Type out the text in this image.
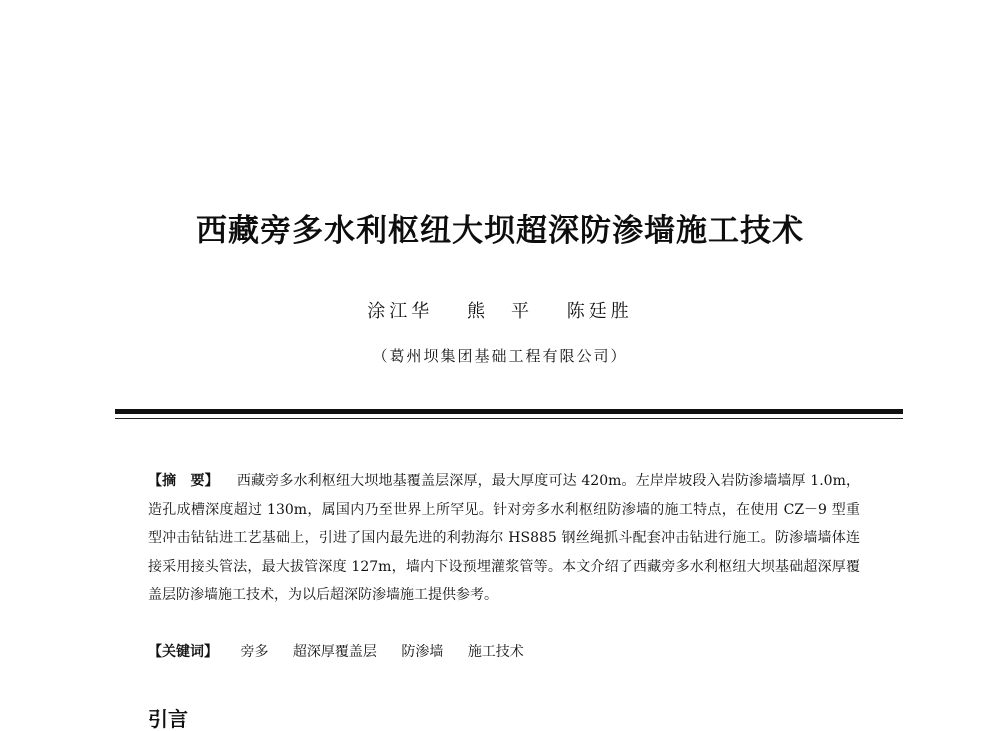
西藏旁多水利枢纽大坝超深防渗墙施工技术
涂江华 熊　平 陈廷胜
（葛州坝集团基础工程有限公司）
【摘　要】 西藏旁多水利枢纽大坝地基覆盖层深厚，最大厚度可达 420m。左岸岸坡段入岩防渗墙墙厚 1.0m，造孔成槽深度超过 130m，属国内乃至世界上所罕见。针对旁多水利枢纽防渗墙的施工特点，在使用 CZ－9 型重型冲击钻钻进工艺基础上，引进了国内最先进的利勃海尔 HS885 钢丝绳抓斗配套冲击钻进行施工。防渗墙墙体连接采用接头管法，最大拔管深度 127m，墙内下设预埋灌浆管等。本文介绍了西藏旁多水利枢纽大坝基础超深厚覆盖层防渗墙施工技术，为以后超深防渗墙施工提供参考。
【关键词】 旁多 超深厚覆盖层 防渗墙 施工技术
引言
